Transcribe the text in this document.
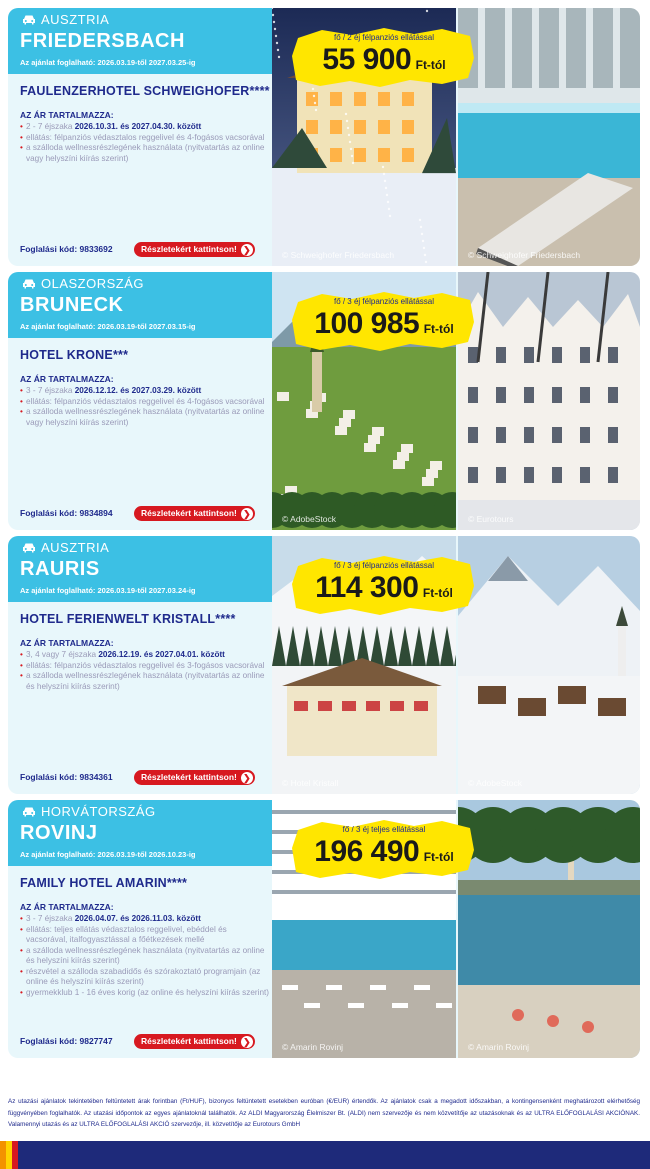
AUSZTRIA
FRIEDERSBACH
Az ajánlat foglalható: 2026.03.19-től 2027.03.25-ig
FAULENZERHOTEL SCHWEIGHOFER****
AZ ÁR TARTALMAZZA:
• 2 - 7 éjszaka 2026.10.31. és 2027.04.30. között
• ellátás: félpanziós védasztalos reggelivel és 4-fogásos vacsorával
• a szálloda wellnessrészlegének használata (nyitvatartás az online vagy helyszíni kiírás szerint)
Foglalási kód: 9833692	Részletekért kattintson! ❯
© Schweighofer Friedersbach	© Schweighofer Friedersbach
fő / 2 éj félpanziós ellátással
55 900 Ft-tól
OLASZORSZÁG
BRUNECK
Az ajánlat foglalható: 2026.03.19-től 2027.03.15-ig
HOTEL KRONE***
AZ ÁR TARTALMAZZA:
• 3 - 7 éjszaka 2026.12.12. és 2027.03.29. között
• ellátás: félpanziós védasztalos reggelivel és 4-fogásos vacsorával
• a szálloda wellnessrészlegének használata (nyitvatartás az online vagy helyszíni kiírás szerint)
Foglalási kód: 9834894	Részletekért kattintson! ❯
© AdobeStock	© Eurotours
fő / 3 éj félpanziós ellátással
100 985 Ft-tól
AUSZTRIA
RAURIS
Az ajánlat foglalható: 2026.03.19-től 2027.03.24-ig
HOTEL FERIENWELT KRISTALL****
AZ ÁR TARTALMAZZA:
• 3, 4 vagy 7 éjszaka 2026.12.19. és 2027.04.01. között
• ellátás: félpanziós védasztalos reggelivel és 3-fogásos vacsorával
• a szálloda wellnessrészlegének használata (nyitvatartás az online és helyszíni kiírás szerint)
Foglalási kód: 9834361	Részletekért kattintson! ❯
© Hotel Kristall	© AdobeStock
fő / 3 éj félpanziós ellátással
114 300 Ft-tól
HORVÁTORSZÁG
ROVINJ
Az ajánlat foglalható: 2026.03.19-től 2026.10.23-ig
FAMILY HOTEL AMARIN****
AZ ÁR TARTALMAZZA:
• 3 - 7 éjszaka 2026.04.07. és 2026.11.03. között
• ellátás: teljes ellátás védasztalos reggelivel, ebéddel és vacsorával, italfogyasztással a főétkezések mellé
• a szálloda wellnessrészlegének használata (nyitvatartás az online és helyszíni kiírás szerint)
• részvétel a szálloda szabadidős és szórakoztató programjain (az online és helyszíni kiírás szerint)
• gyermekklub 1 - 16 éves korig (az online és helyszíni kiírás szerint)
Foglalási kód: 9827747	Részletekért kattintson! ❯
© Amarin Rovinj	© Amarin Rovinj
fő / 3 éj teljes ellátással
196 490 Ft-tól
Az utazási ajánlatok tekintetében feltüntetett árak forintban (Ft/HUF), bizonyos feltüntetett esetekben euróban (€/EUR) értendők. Az ajánlatok csak a megadott időszakban, a kontingensenként meghatározott elérhetőség függvényében foglalhatók. Az utazási időpontok az egyes ajánlatoknál találhatók. Az ALDI Magyarország Élelmiszer Bt. (ALDI) nem szervezője és nem közvetítője az utazásoknak és az ULTRA ELŐFOGLALÁSI AKCIÓNAK. Valamennyi utazás és az ULTRA ELŐFOGLALÁSI AKCIÓ szervezője, ill. közvetítője az Eurotours GmbH
